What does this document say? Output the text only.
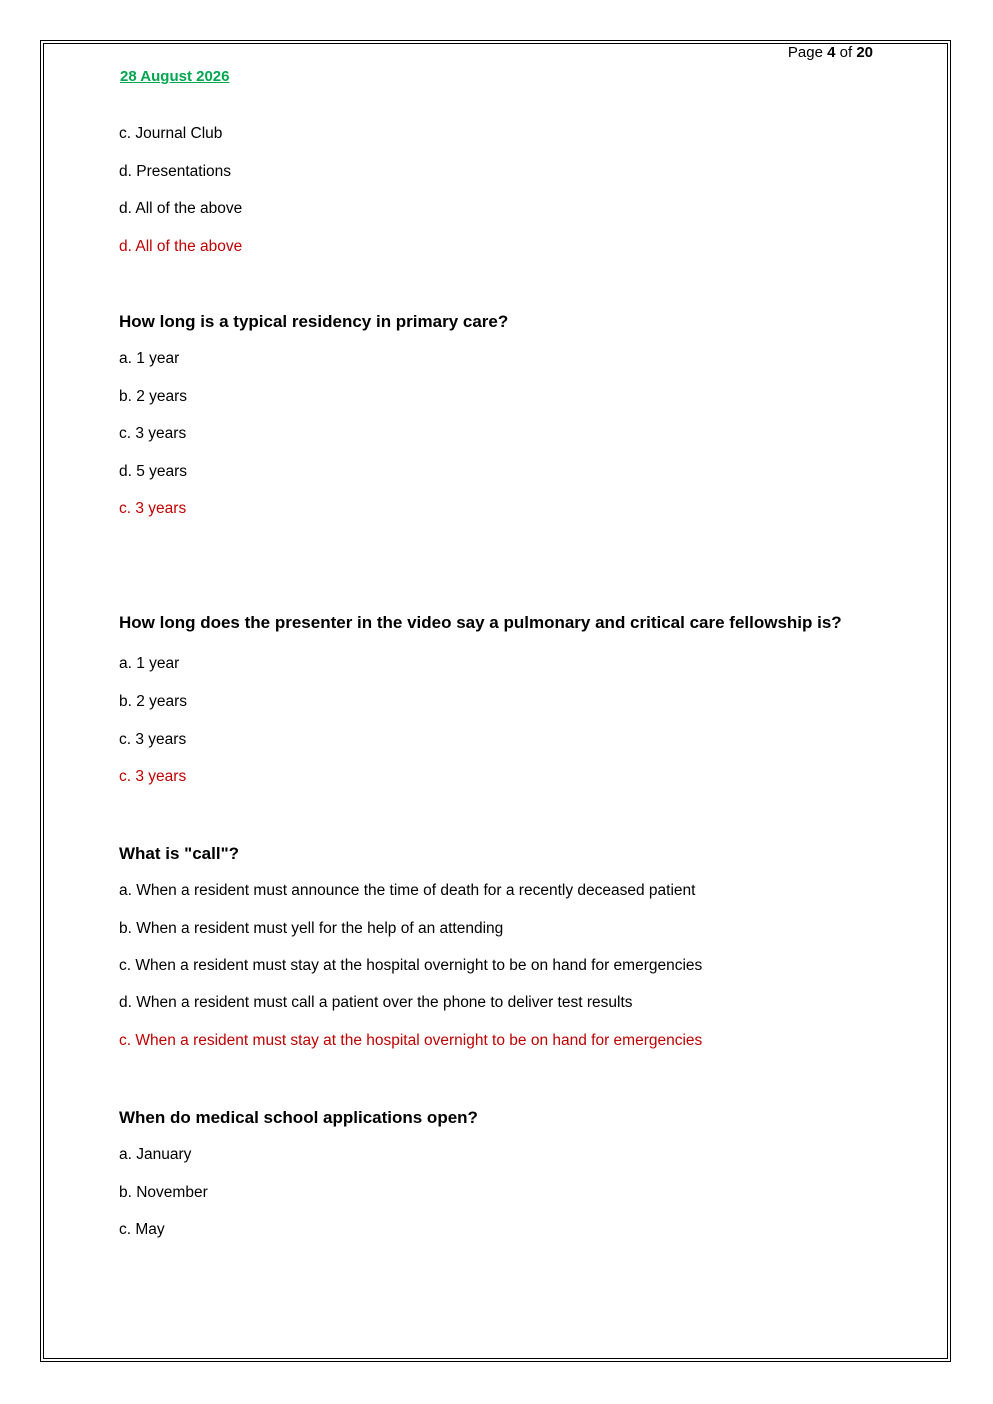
Page 4 of 20
28 August 2026
c. Journal Club
d. Presentations
d. All of the above
d. All of the above
How long is a typical residency in primary care?
a. 1 year
b. 2 years
c. 3 years
d. 5 years
c. 3 years
How long does the presenter in the video say a pulmonary and critical care fellowship is?
a. 1 year
b. 2 years
c. 3 years
c. 3 years
What is "call"?
a. When a resident must announce the time of death for a recently deceased patient
b. When a resident must yell for the help of an attending
c. When a resident must stay at the hospital overnight to be on hand for emergencies
d. When a resident must call a patient over the phone to deliver test results
c. When a resident must stay at the hospital overnight to be on hand for emergencies
When do medical school applications open?
a. January
b. November
c. May
